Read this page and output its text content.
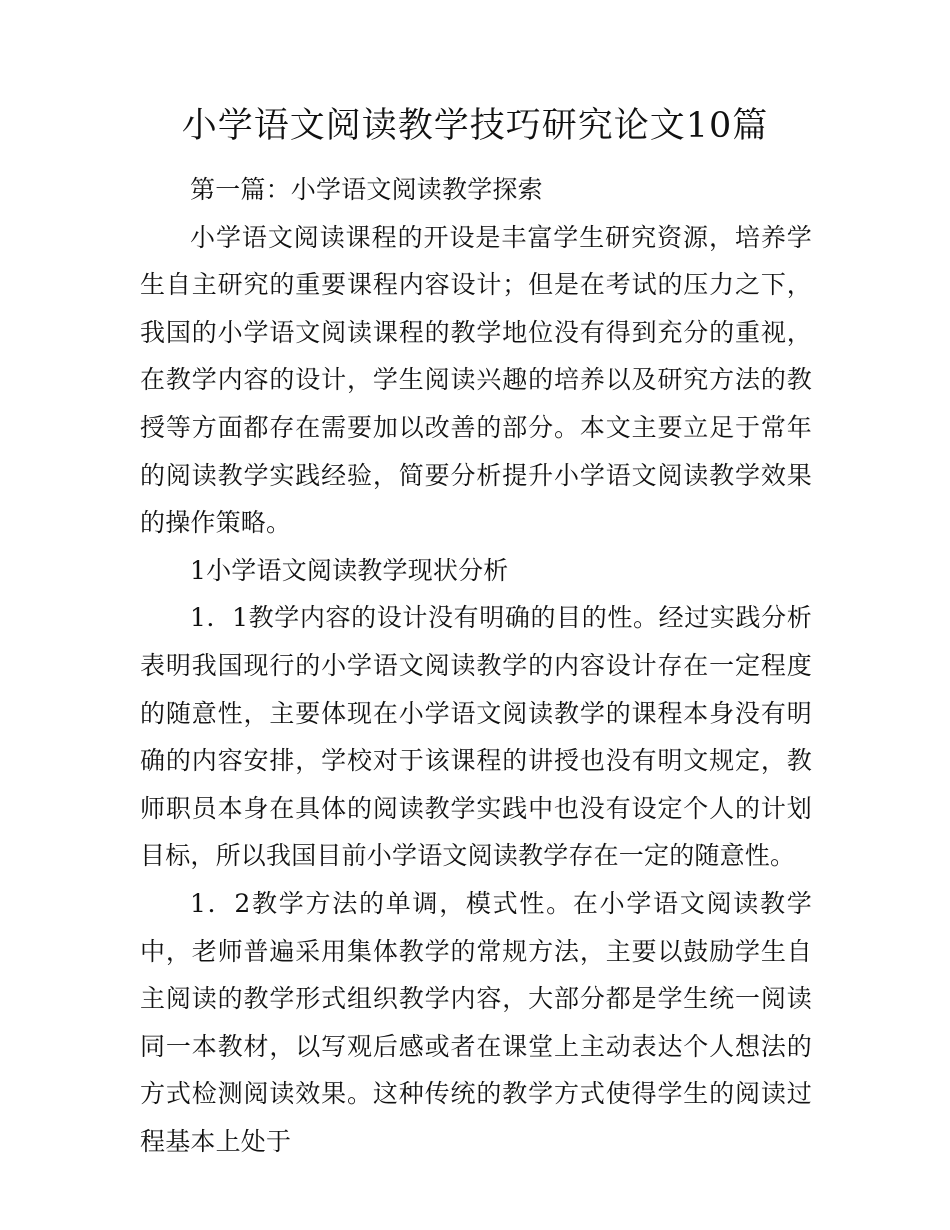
小学语文阅读教学技巧研究论文10篇

第一篇：小学语文阅读教学探索

小学语文阅读课程的开设是丰富学生研究资源，培养学生自主研究的重要课程内容设计；但是在考试的压力之下，我国的小学语文阅读课程的教学地位没有得到充分的重视，在教学内容的设计，学生阅读兴趣的培养以及研究方法的教授等方面都存在需要加以改善的部分。本文主要立足于常年的阅读教学实践经验，简要分析提升小学语文阅读教学效果的操作策略。

1小学语文阅读教学现状分析

1．1教学内容的设计没有明确的目的性。经过实践分析表明我国现行的小学语文阅读教学的内容设计存在一定程度的随意性，主要体现在小学语文阅读教学的课程本身没有明确的内容安排，学校对于该课程的讲授也没有明文规定，教师职员本身在具体的阅读教学实践中也没有设定个人的计划目标，所以我国目前小学语文阅读教学存在一定的随意性。

1．2教学方法的单调，模式性。在小学语文阅读教学中，老师普遍采用集体教学的常规方法，主要以鼓励学生自主阅读的教学形式组织教学内容，大部分都是学生统一阅读同一本教材，以写观后感或者在课堂上主动表达个人想法的方式检测阅读效果。这种传统的教学方式使得学生的阅读过程基本上处于
